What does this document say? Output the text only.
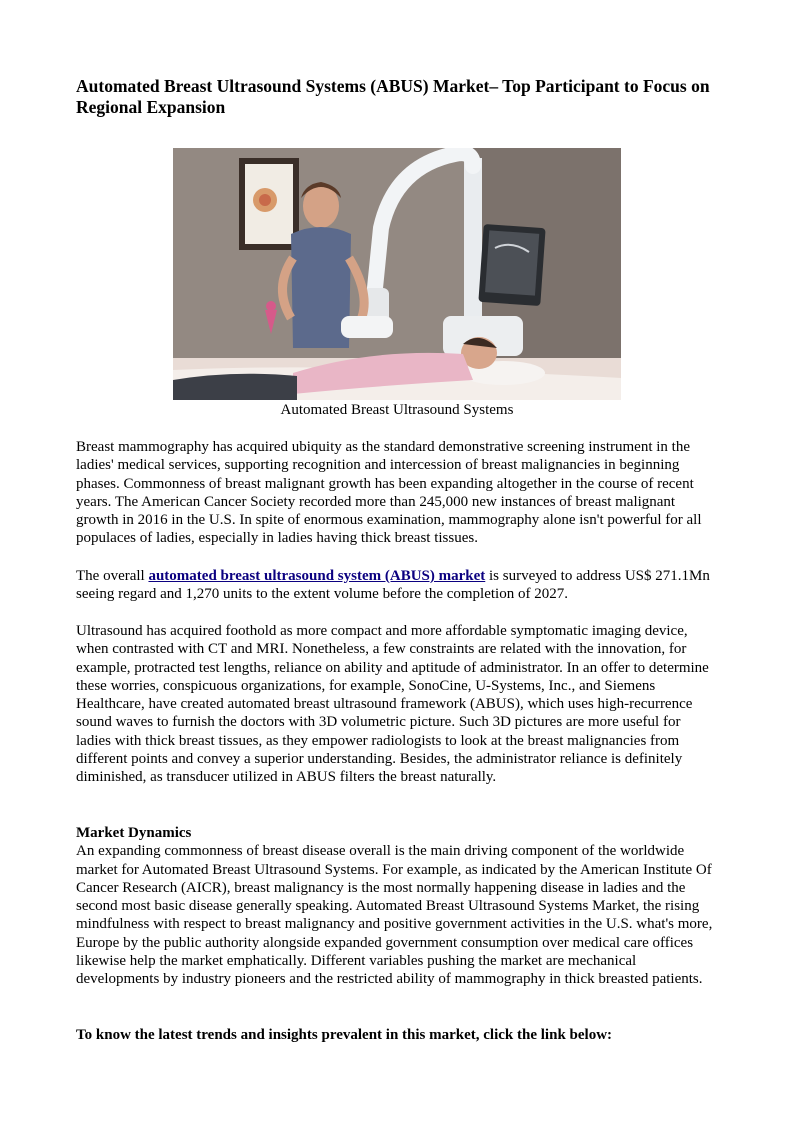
Automated Breast Ultrasound Systems (ABUS) Market– Top Participant to Focus on Regional Expansion
Automated Breast Ultrasound Systems

Breast mammography has acquired ubiquity as the standard demonstrative screening instrument in the ladies' medical services, supporting recognition and intercession of breast malignancies in beginning phases. Commonness of breast malignant growth has been expanding altogether in the course of recent years. The American Cancer Society recorded more than 245,000 new instances of breast malignant growth in 2016 in the U.S. In spite of enormous examination, mammography alone isn't powerful for all populaces of ladies, especially in ladies having thick breast tissues.

The overall automated breast ultrasound system (ABUS) market is surveyed to address US$ 271.1Mn seeing regard and 1,270 units to the extent volume before the completion of 2027.

Ultrasound has acquired foothold as more compact and more affordable symptomatic imaging device, when contrasted with CT and MRI. Nonetheless, a few constraints are related with the innovation, for example, protracted test lengths, reliance on ability and aptitude of administrator. In an offer to determine these worries, conspicuous organizations, for example, SonoCine, U-Systems, Inc., and Siemens Healthcare, have created automated breast ultrasound framework (ABUS), which uses high-recurrence sound waves to furnish the doctors with 3D volumetric picture. Such 3D pictures are more useful for ladies with thick breast tissues, as they empower radiologists to look at the breast malignancies from different points and convey a superior understanding. Besides, the administrator reliance is definitely diminished, as transducer utilized in ABUS filters the breast naturally.

Market Dynamics
An expanding commonness of breast disease overall is the main driving component of the worldwide market for Automated Breast Ultrasound Systems. For example, as indicated by the American Institute Of Cancer Research (AICR), breast malignancy is the most normally happening disease in ladies and the second most basic disease generally speaking. Automated Breast Ultrasound Systems Market, the rising mindfulness with respect to breast malignancy and positive government activities in the U.S. what's more, Europe by the public authority alongside expanded government consumption over medical care offices likewise help the market emphatically. Different variables pushing the market are mechanical developments by industry pioneers and the restricted ability of mammography in thick breasted patients.

To know the latest trends and insights prevalent in this market, click the link below:
